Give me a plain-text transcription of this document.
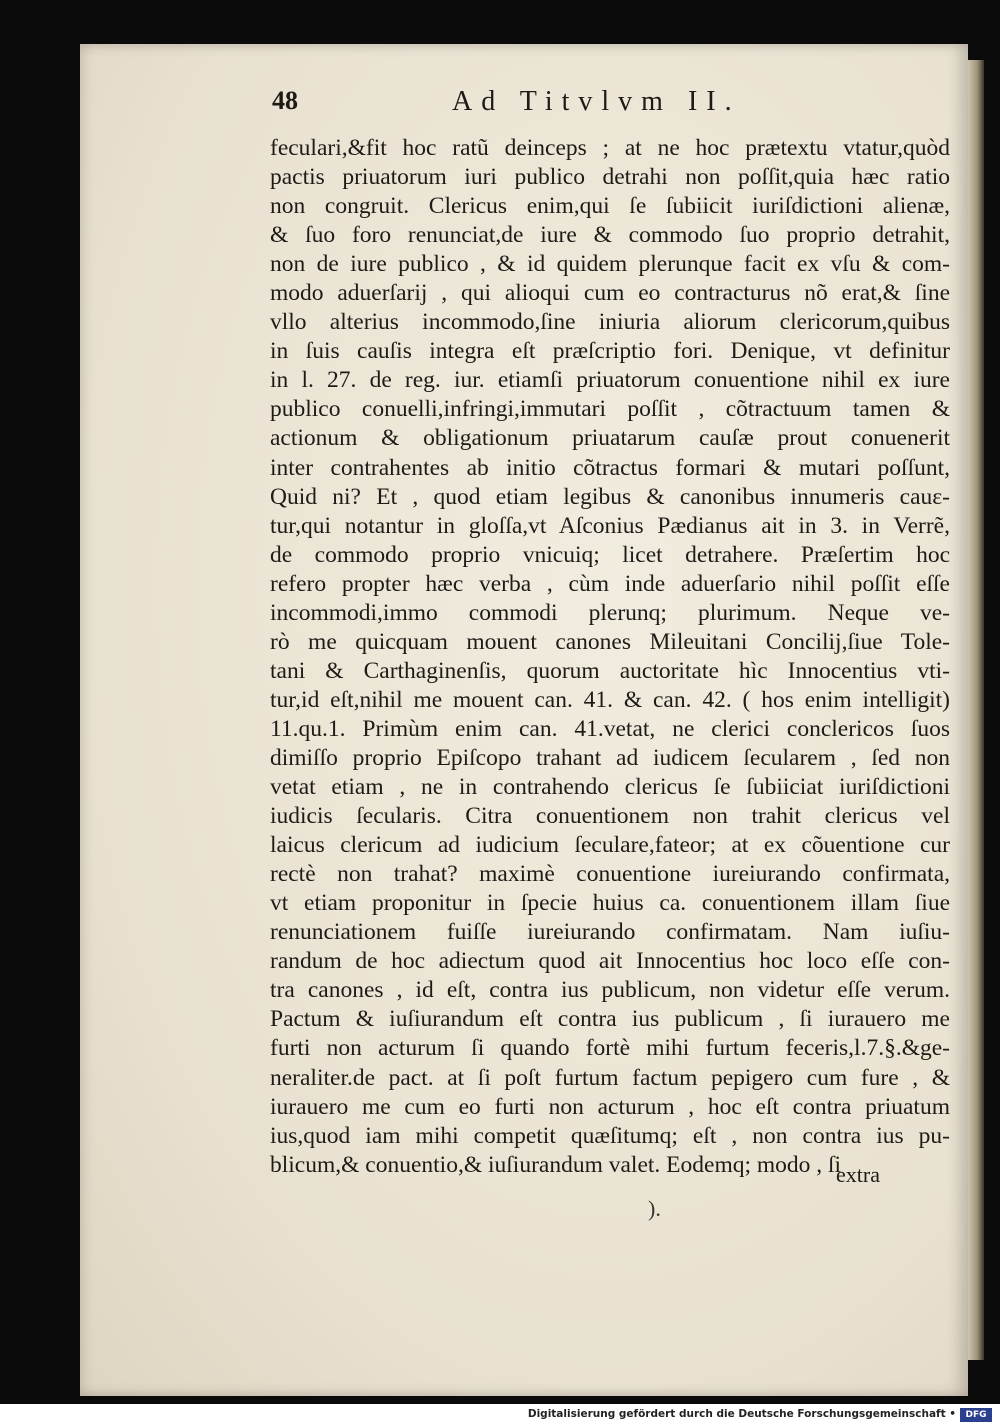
48	Ad Titvlvm II.
feculari,&fit hoc ratũ deinceps ; at ne hoc prætextu vtatur,quòd
pactis priuatorum iuri publico detrahi non poſſit,quia hæc ratio
non congruit. Clericus enim,qui ſe ſubiicit iuriſdictioni alienæ,
& ſuo foro renunciat,de iure & commodo ſuo proprio detrahit,
non de iure publico , & id quidem plerunque facit ex vſu & com-
modo aduerſarij , qui alioqui cum eo contracturus nõ erat,& ſine
vllo alterius incommodo,ſine iniuria aliorum clericorum,quibus
in ſuis cauſis integra eſt præſcriptio fori. Denique, vt definitur
in l. 27. de reg. iur. etiamſi priuatorum conuentione nihil ex iure
publico conuelli,infringi,immutari poſſit , cõtractuum tamen &
actionum & obligationum priuatarum cauſæ prout conuenerit
inter contrahentes ab initio cõtractus formari & mutari poſſunt,
Quid ni? Et , quod etiam legibus & canonibus innumeris cauε-
tur,qui notantur in gloſſa,vt Aſconius Pædianus ait in 3. in Verrẽ,
de commodo proprio vnicuiq; licet detrahere. Præſertim hoc
refero propter hæc verba , cùm inde aduerſario nihil poſſit eſſe
incommodi,immo commodi plerunq; plurimum. Neque ve-
rò me quicquam mouent canones Mileuitani Concilij,ſiue Tole-
tani & Carthaginenſis, quorum auctoritate hìc Innocentius vti-
tur,id eſt,nihil me mouent can. 41. & can. 42. ( hos enim intelligit)
11.qu.1. Primùm enim can. 41.vetat, ne clerici conclericos ſuos
dimiſſo proprio Epiſcopo trahant ad iudicem ſecularem , ſed non
vetat etiam , ne in contrahendo clericus ſe ſubiiciat iuriſdictioni
iudicis ſecularis. Citra conuentionem non trahit clericus vel
laicus clericum ad iudicium ſeculare,fateor; at ex cõuentione cur
rectè non trahat? maximè conuentione iureiurando confirmata,
vt etiam proponitur in ſpecie huius ca. conuentionem illam ſiue
renunciationem fuiſſe iureiurando confirmatam. Nam iuſiu-
randum de hoc adiectum quod ait Innocentius hoc loco eſſe con-
tra canones , id eſt, contra ius publicum, non videtur eſſe verum.
Pactum & iuſiurandum eſt contra ius publicum , ſi iurauero me
furti non acturum ſi quando fortè mihi furtum feceris,l.7.§.&ge-
neraliter.de pact. at ſi poſt furtum factum pepigero cum fure , &
iurauero me cum eo furti non acturum , hoc eſt contra priuatum
ius,quod iam mihi competit quæſitumq; eſt , non contra ius pu-
blicum,& conuentio,& iuſiurandum valet. Eodemq; modo , ſi
extra
).
Digitalisierung gefördert durch die Deutsche Forschungsgemeinschaft •	DFG
